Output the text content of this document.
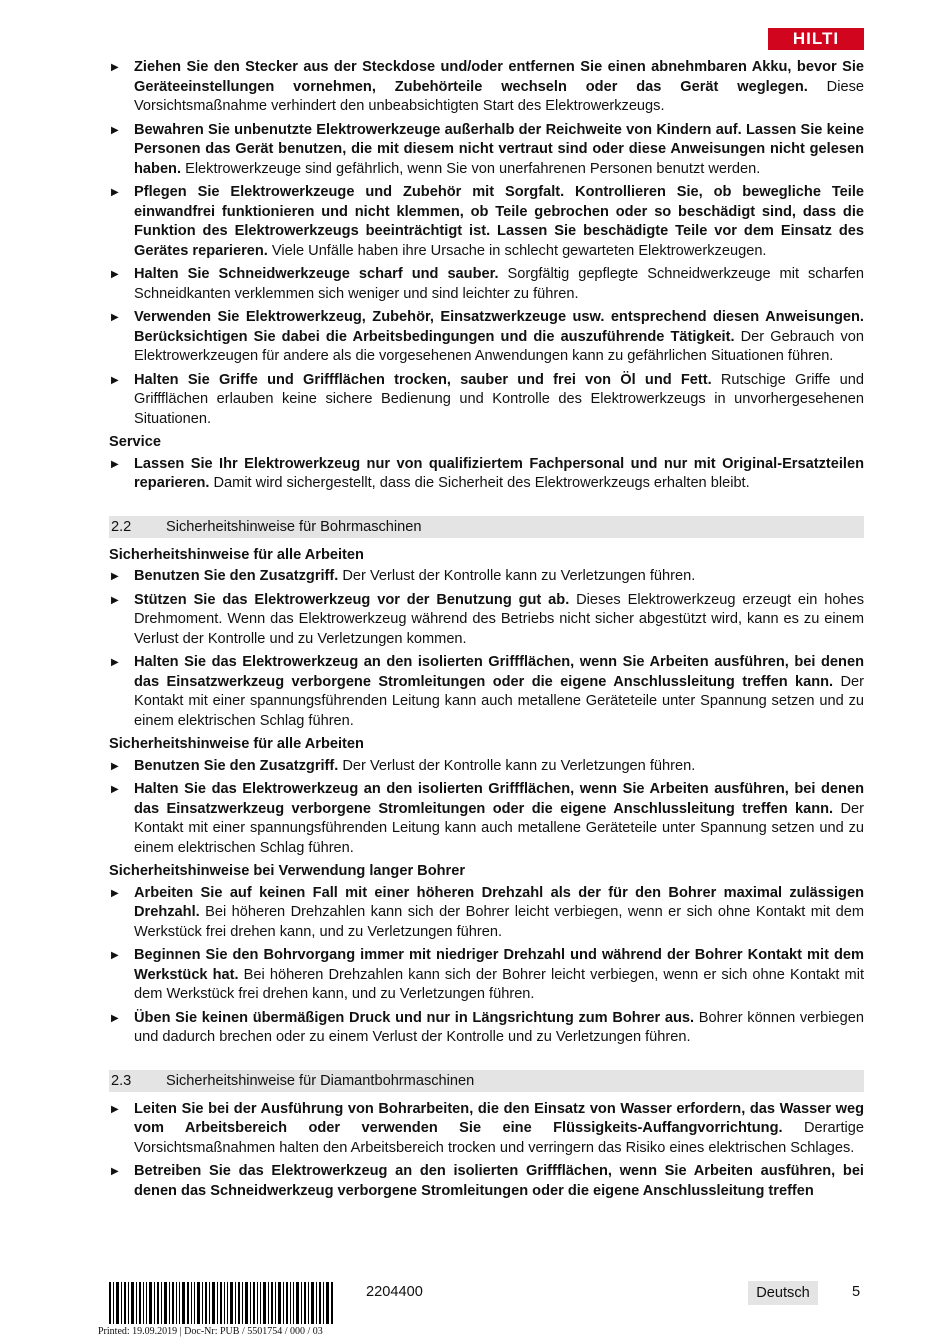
HILTI
▶ Ziehen Sie den Stecker aus der Steckdose und/oder entfernen Sie einen abnehmbaren Akku, bevor Sie Geräteeinstellungen vornehmen, Zubehörteile wechseln oder das Gerät weglegen. Diese Vorsichtsmaßnahme verhindert den unbeabsichtigten Start des Elektrowerkzeugs.
▶ Bewahren Sie unbenutzte Elektrowerkzeuge außerhalb der Reichweite von Kindern auf. Lassen Sie keine Personen das Gerät benutzen, die mit diesem nicht vertraut sind oder diese Anweisungen nicht gelesen haben. Elektrowerkzeuge sind gefährlich, wenn Sie von unerfahrenen Personen benutzt werden.
▶ Pflegen Sie Elektrowerkzeuge und Zubehör mit Sorgfalt. Kontrollieren Sie, ob bewegliche Teile einwandfrei funktionieren und nicht klemmen, ob Teile gebrochen oder so beschädigt sind, dass die Funktion des Elektrowerkzeugs beeinträchtigt ist. Lassen Sie beschädigte Teile vor dem Einsatz des Gerätes reparieren. Viele Unfälle haben ihre Ursache in schlecht gewarteten Elektrowerkzeugen.
▶ Halten Sie Schneidwerkzeuge scharf und sauber. Sorgfältig gepflegte Schneidwerkzeuge mit scharfen Schneidkanten verklemmen sich weniger und sind leichter zu führen.
▶ Verwenden Sie Elektrowerkzeug, Zubehör, Einsatzwerkzeuge usw. entsprechend diesen Anweisungen. Berücksichtigen Sie dabei die Arbeitsbedingungen und die auszuführende Tätigkeit. Der Gebrauch von Elektrowerkzeugen für andere als die vorgesehenen Anwendungen kann zu gefährlichen Situationen führen.
▶ Halten Sie Griffe und Griffflächen trocken, sauber und frei von Öl und Fett. Rutschige Griffe und Griffflächen erlauben keine sichere Bedienung und Kontrolle des Elektrowerkzeugs in unvorhergesehenen Situationen.
Service
▶ Lassen Sie Ihr Elektrowerkzeug nur von qualifiziertem Fachpersonal und nur mit Original-Ersatzteilen reparieren. Damit wird sichergestellt, dass die Sicherheit des Elektrowerkzeugs erhalten bleibt.
2.2 Sicherheitshinweise für Bohrmaschinen
Sicherheitshinweise für alle Arbeiten
▶ Benutzen Sie den Zusatzgriff. Der Verlust der Kontrolle kann zu Verletzungen führen.
▶ Stützen Sie das Elektrowerkzeug vor der Benutzung gut ab. Dieses Elektrowerkzeug erzeugt ein hohes Drehmoment. Wenn das Elektrowerkzeug während des Betriebs nicht sicher abgestützt wird, kann es zu einem Verlust der Kontrolle und zu Verletzungen kommen.
▶ Halten Sie das Elektrowerkzeug an den isolierten Griffflächen, wenn Sie Arbeiten ausführen, bei denen das Einsatzwerkzeug verborgene Stromleitungen oder die eigene Anschlussleitung treffen kann. Der Kontakt mit einer spannungsführenden Leitung kann auch metallene Geräteteile unter Spannung setzen und zu einem elektrischen Schlag führen.
Sicherheitshinweise für alle Arbeiten
▶ Benutzen Sie den Zusatzgriff. Der Verlust der Kontrolle kann zu Verletzungen führen.
▶ Halten Sie das Elektrowerkzeug an den isolierten Griffflächen, wenn Sie Arbeiten ausführen, bei denen das Einsatzwerkzeug verborgene Stromleitungen oder die eigene Anschlussleitung treffen kann. Der Kontakt mit einer spannungsführenden Leitung kann auch metallene Geräteteile unter Spannung setzen und zu einem elektrischen Schlag führen.
Sicherheitshinweise bei Verwendung langer Bohrer
▶ Arbeiten Sie auf keinen Fall mit einer höheren Drehzahl als der für den Bohrer maximal zulässigen Drehzahl. Bei höheren Drehzahlen kann sich der Bohrer leicht verbiegen, wenn er sich ohne Kontakt mit dem Werkstück frei drehen kann, und zu Verletzungen führen.
▶ Beginnen Sie den Bohrvorgang immer mit niedriger Drehzahl und während der Bohrer Kontakt mit dem Werkstück hat. Bei höheren Drehzahlen kann sich der Bohrer leicht verbiegen, wenn er sich ohne Kontakt mit dem Werkstück frei drehen kann, und zu Verletzungen führen.
▶ Üben Sie keinen übermäßigen Druck und nur in Längsrichtung zum Bohrer aus. Bohrer können verbiegen und dadurch brechen oder zu einem Verlust der Kontrolle und zu Verletzungen führen.
2.3 Sicherheitshinweise für Diamantbohrmaschinen
▶ Leiten Sie bei der Ausführung von Bohrarbeiten, die den Einsatz von Wasser erfordern, das Wasser weg vom Arbeitsbereich oder verwenden Sie eine Flüssigkeits-Auffangvorrichtung. Derartige Vorsichtsmaßnahmen halten den Arbeitsbereich trocken und verringern das Risiko eines elektrischen Schlages.
▶ Betreiben Sie das Elektrowerkzeug an den isolierten Griffflächen, wenn Sie Arbeiten ausführen, bei denen das Schneidwerkzeug verborgene Stromleitungen oder die eigene Anschlussleitung treffen
2204400	Deutsch	5
Printed: 19.09.2019 | Doc-Nr: PUB / 5501754 / 000 / 03
